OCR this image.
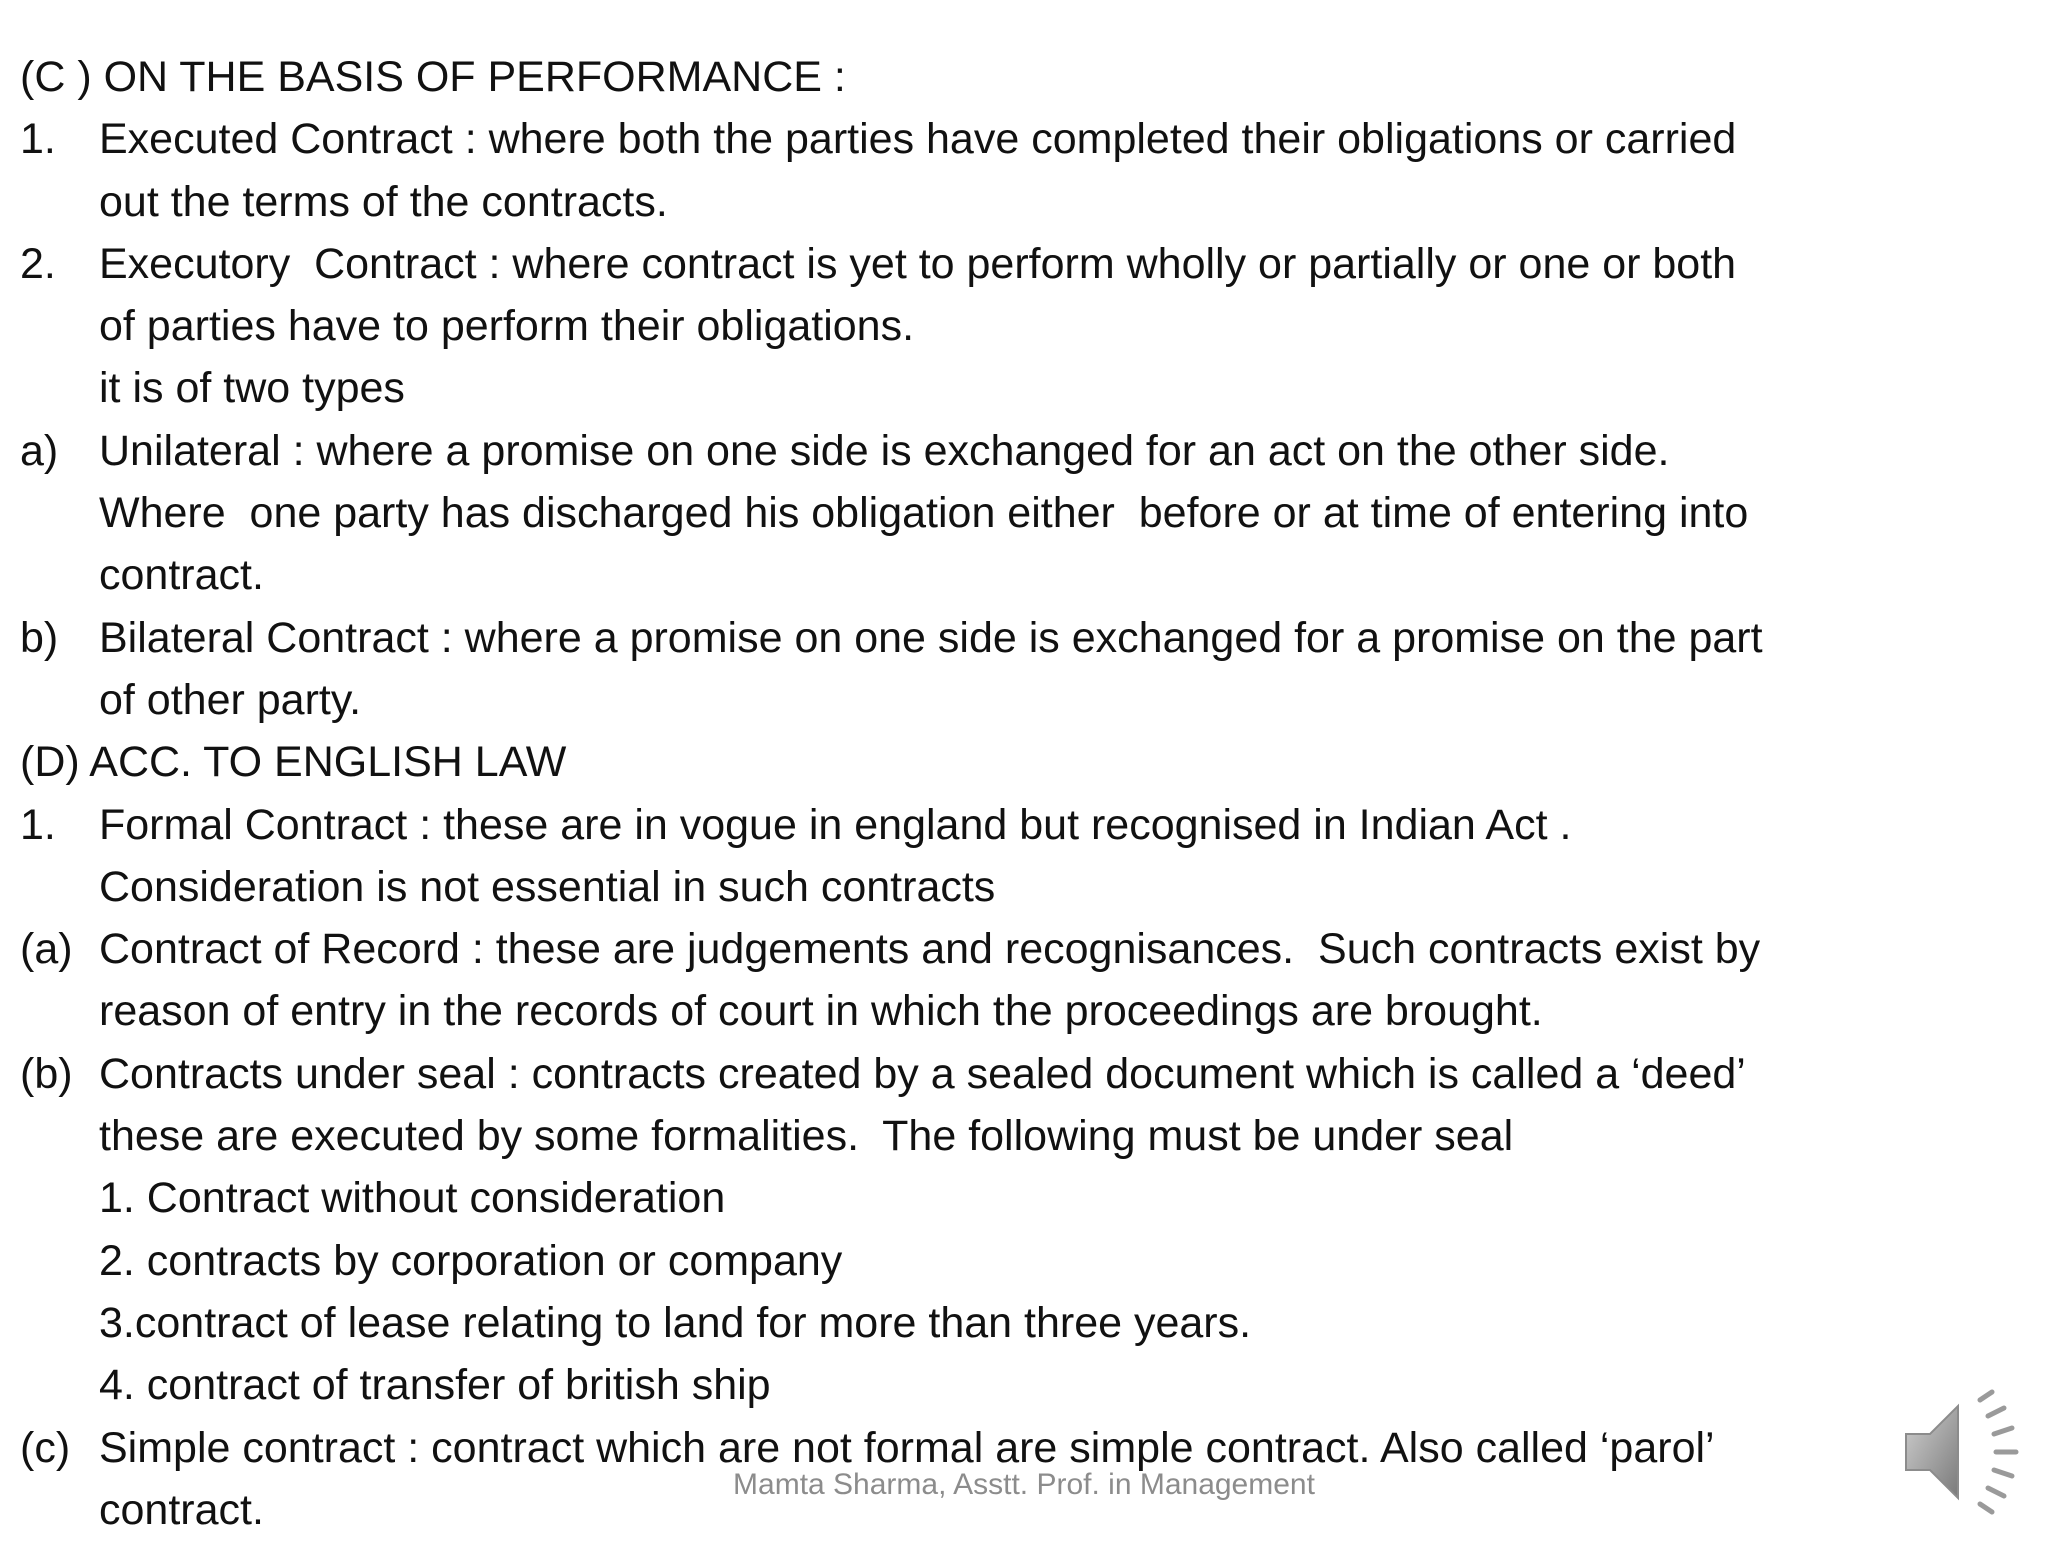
(C ) ON THE BASIS OF PERFORMANCE :

1.	Executed Contract : where both the parties have completed their obligations or carried
out the terms of the contracts.
2.	Executory  Contract : where contract is yet to perform wholly or partially or one or both
of parties have to perform their obligations.
it is of two types
a) Unilateral : where a promise on one side is exchanged for an act on the other side.
Where  one party has discharged his obligation either  before or at time of entering into
contract.
b) Bilateral Contract : where a promise on one side is exchanged for a promise on the part
of other party.

(D) ACC. TO ENGLISH LAW

1.	Formal Contract : these are in vogue in england but recognised in Indian Act .
Consideration is not essential in such contracts
(a) Contract of Record : these are judgements and recognisances.  Such contracts exist by
reason of entry in the records of court in which the proceedings are brought.
(b) Contracts under seal : contracts created by a sealed document which is called a ‘deed’
these are executed by some formalities.  The following must be under seal

1. Contract without consideration

2. contracts by corporation or company

3.contract of lease relating to land for more than three years.

4. contract of transfer of british ship

(c) Simple contract : contract which are not formal are simple contract. Also called ‘parol’
contract.
Mamta Sharma, Asstt. Prof. in Management
